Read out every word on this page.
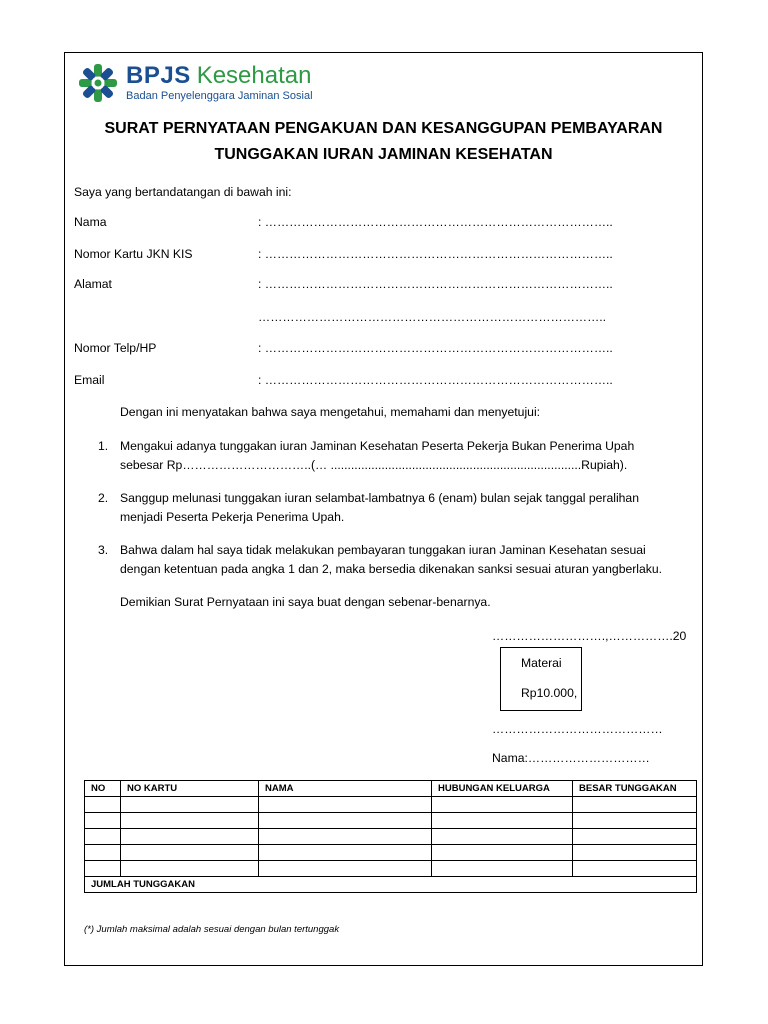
BPJS Kesehatan
Badan Penyelenggara Jaminan Sosial
SURAT PERNYATAAN PENGAKUAN DAN KESANGGUPAN PEMBAYARAN
TUNGGAKAN IURAN JAMINAN KESEHATAN

Saya yang bertandatangan di bawah ini:

Nama	: …………………………………………………………………………..

Nomor Kartu JKN KIS	: …………………………………………………………………………..

Alamat	: …………………………………………………………………………..

…………………………………………………………………………..

Nomor Telp/HP	: …………………………………………………………………………..

Email	: …………………………………………………………………………..

Dengan ini menyatakan bahwa saya mengetahui, memahami dan menyetujui:

1. Mengakui adanya tunggakan iuran Jaminan Kesehatan Peserta Pekerja Bukan Penerima Upah

sebesar Rp…………………………..(… ..........................................................................Rupiah).

2. Sanggup melunasi tunggakan iuran selambat-lambatnya 6 (enam) bulan sejak tanggal peralihan

menjadi Peserta Pekerja Penerima Upah.

3. Bahwa dalam hal saya tidak melakukan pembayaran tunggakan iuran Jaminan Kesehatan sesuai

dengan ketentuan pada angka 1 dan 2, maka bersedia dikenakan sanksi sesuai aturan yangberlaku.

Demikian Surat Pernyataan ini saya buat dengan sebenar-benarnya.

……………………….,…………….20

Materai
Rp10.000,

……………………………………

Nama:…………………………

NO	NO KARTU	NAMA	HUBUNGAN KELUARGA	BESAR TUNGGAKAN

JUMLAH TUNGGAKAN				

(*) Jumlah maksimal adalah sesuai dengan bulan tertunggak
